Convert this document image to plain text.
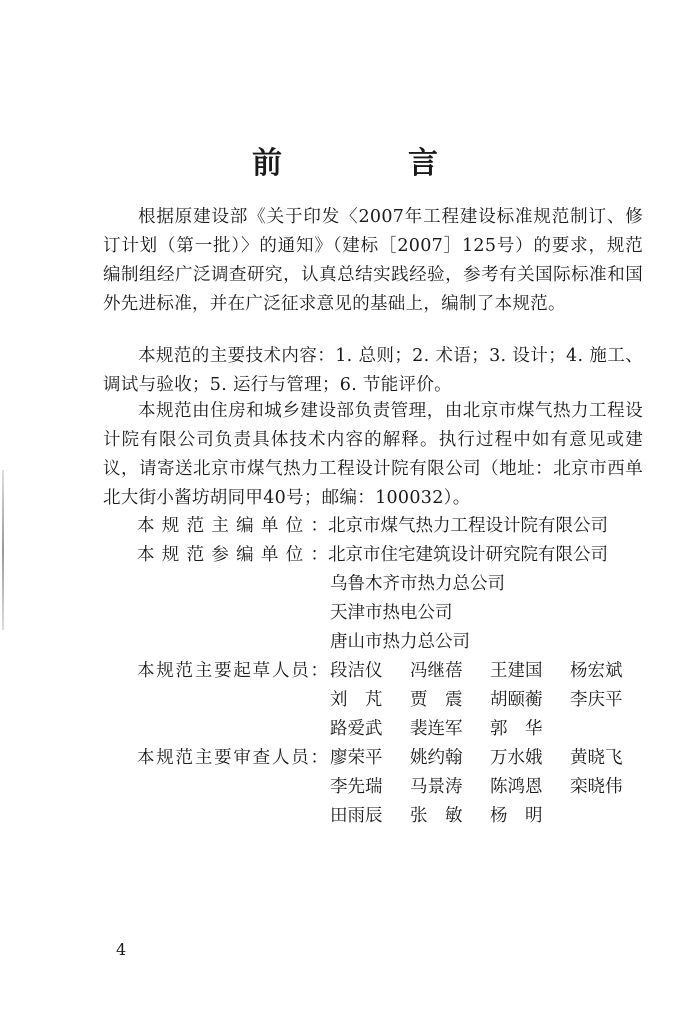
前　言

根据原建设部《关于印发〈2007年工程建设标准规范制订、修订计划（第一批）〉的通知》（建标［2007］125号）的要求，规范编制组经广泛调查研究，认真总结实践经验，参考有关国际标准和国外先进标准，并在广泛征求意见的基础上，编制了本规范。

本规范的主要技术内容：1. 总则；2. 术语；3. 设计；4. 施工、调试与验收；5. 运行与管理；6. 节能评价。

本规范由住房和城乡建设部负责管理，由北京市煤气热力工程设计院有限公司负责具体技术内容的解释。执行过程中如有意见或建议，请寄送北京市煤气热力工程设计院有限公司（地址：北京市西单北大街小酱坊胡同甲40号；邮编：100032）。

本规范主编单位：北京市煤气热力工程设计院有限公司
本规范参编单位：北京市住宅建筑设计研究院有限公司
乌鲁木齐市热力总公司
天津市热电公司
唐山市热力总公司
本规范主要起草人员： 段洁仪 冯继蓓 王建国 杨宏斌
刘　芃 贾　震 胡颐蘅 李庆平
路爱武 裴连军 郭　华
本规范主要审查人员： 廖荣平 姚约翰 万水娥 黄晓飞
李先瑞 马景涛 陈鸿恩 栾晓伟
田雨辰 张　敏 杨　明
4
